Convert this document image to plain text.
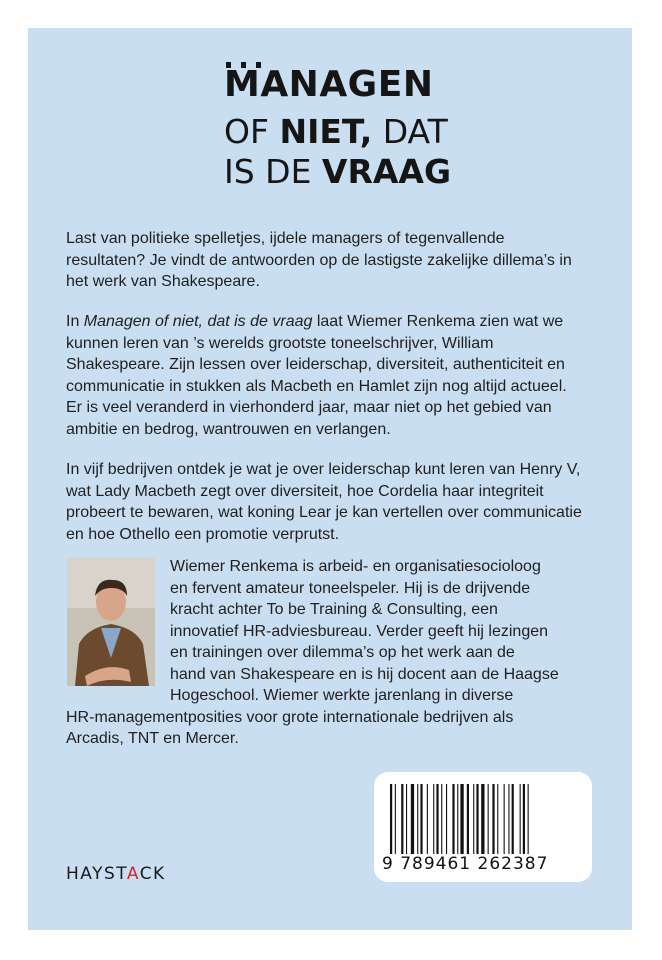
MANAGEN
OF NIET, DAT
IS DE VRAAG

Last van politieke spelletjes, ijdele managers of tegenvallende resultaten? Je vindt de antwoorden op de lastigste zakelijke dillema’s in het werk van Shakespeare.

In Managen of niet, dat is de vraag laat Wiemer Renkema zien wat we kunnen leren van ’s werelds grootste toneelschrijver, William Shakespeare. Zijn lessen over leiderschap, diversiteit, authenticiteit en communicatie in stukken als Macbeth en Hamlet zijn nog altijd actueel. Er is veel veranderd in vierhonderd jaar, maar niet op het gebied van ambitie en bedrog, wantrouwen en verlangen.

In vijf bedrijven ontdek je wat je over leiderschap kunt leren van Henry V, wat Lady Macbeth zegt over diversiteit, hoe Cordelia haar integriteit probeert te bewaren, wat koning Lear je kan vertellen over communicatie en hoe Othello een promotie verprutst.

Wiemer Renkema is arbeid- en organisatiesocioloog
en fervent amateur toneelspeler. Hij is de drijvende
kracht achter To be Training & Consulting, een
innovatief HR-adviesbureau. Verder geeft hij lezingen
en trainingen over dilemma’s op het werk aan de
hand van Shakespeare en is hij docent aan de Haagse
Hogeschool. Wiemer werkte jarenlang in diverse
HR-managementposities voor grote internationale bedrijven als
Arcadis, TNT en Mercer.
9 789461 262387
HAYSTACK
